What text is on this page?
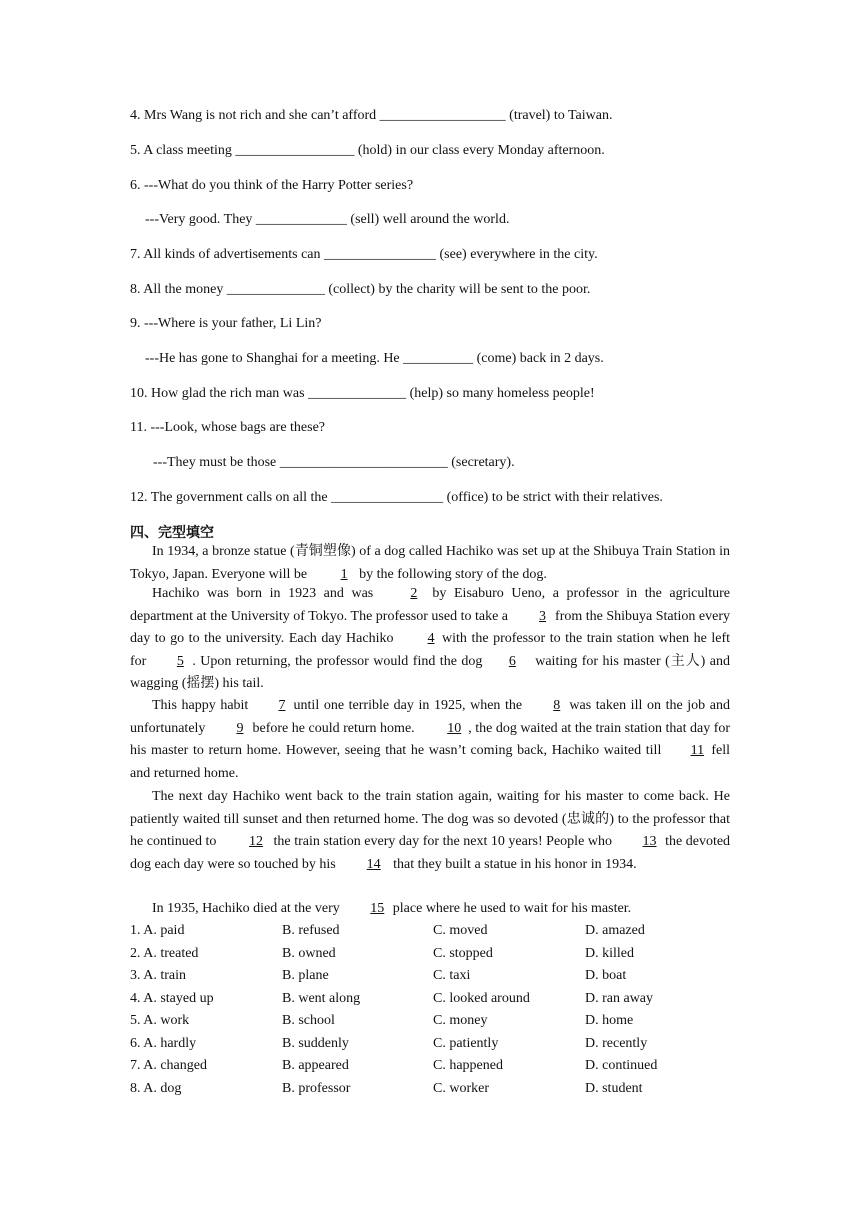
4. Mrs Wang is not rich and she can’t afford __________________ (travel) to Taiwan.
5. A class meeting _________________ (hold) in our class every Monday afternoon.
6. ---What do you think of the Harry Potter series?
---Very good. They _____________ (sell) well around the world.
7. All kinds of advertisements can ________________ (see) everywhere in the city.
8. All the money ______________ (collect) by the charity will be sent to the poor.
9. ---Where is your father, Li Lin?
---He has gone to Shanghai for a meeting. He __________ (come) back in 2 days.
10. How glad the rich man was ______________ (help) so many homeless people!
11. ---Look, whose bags are these?
---They must be those ________________________ (secretary).
12. The government calls on all the ________________ (office) to be strict with their relatives.
四、完型填空

In 1934, a bronze statue (青铜塑像) of a dog called Hachiko was set up at the Shibuya Train Station in Tokyo, Japan. Everyone will be 1 by the following story of the dog.

Hachiko was born in 1923 and was	2 by Eisaburo Ueno, a professor in the agriculture department at the University of Tokyo. The professor used to take a 3 from the Shibuya Station every day to go to the university. Each day Hachiko 4 with the professor to the train station when he left for 5 . Upon returning, the professor would find the dog 6 waiting for his master (主人) and wagging (摇摆) his tail.

This happy habit 7 until one terrible day in 1925, when the 8 was taken ill on the job and unfortunately 9 before he could return home. 10 , the dog waited at the train station that day for his master to return home. However, seeing that he wasn’t coming back, Hachiko waited till 11 fell and returned home.

The next day Hachiko went back to the train station again, waiting for his master to come back. He patiently waited till sunset and then returned home. The dog was so devoted (忠诚的) to the professor that he continued to 12 the train station every day for the next 10 years! People who 13 the devoted dog each day were so touched by his 14 that they built a statue in his honor in 1934.

In 1935, Hachiko died at the very 15 place where he used to wait for his master.

1. A. paid	B. refused	C. moved	D. amazed
2. A. treated	B. owned	C. stopped	D. killed
3. A. train	B. plane	C. taxi	D. boat
4. A. stayed up	B. went along	C. looked around	D. ran away
5. A. work	B. school	C. money	D. home
6. A. hardly	B. suddenly	C. patiently	D. recently
7. A. changed	B. appeared	C. happened	D. continued
8. A. dog	B. professor	C. worker	D. student
